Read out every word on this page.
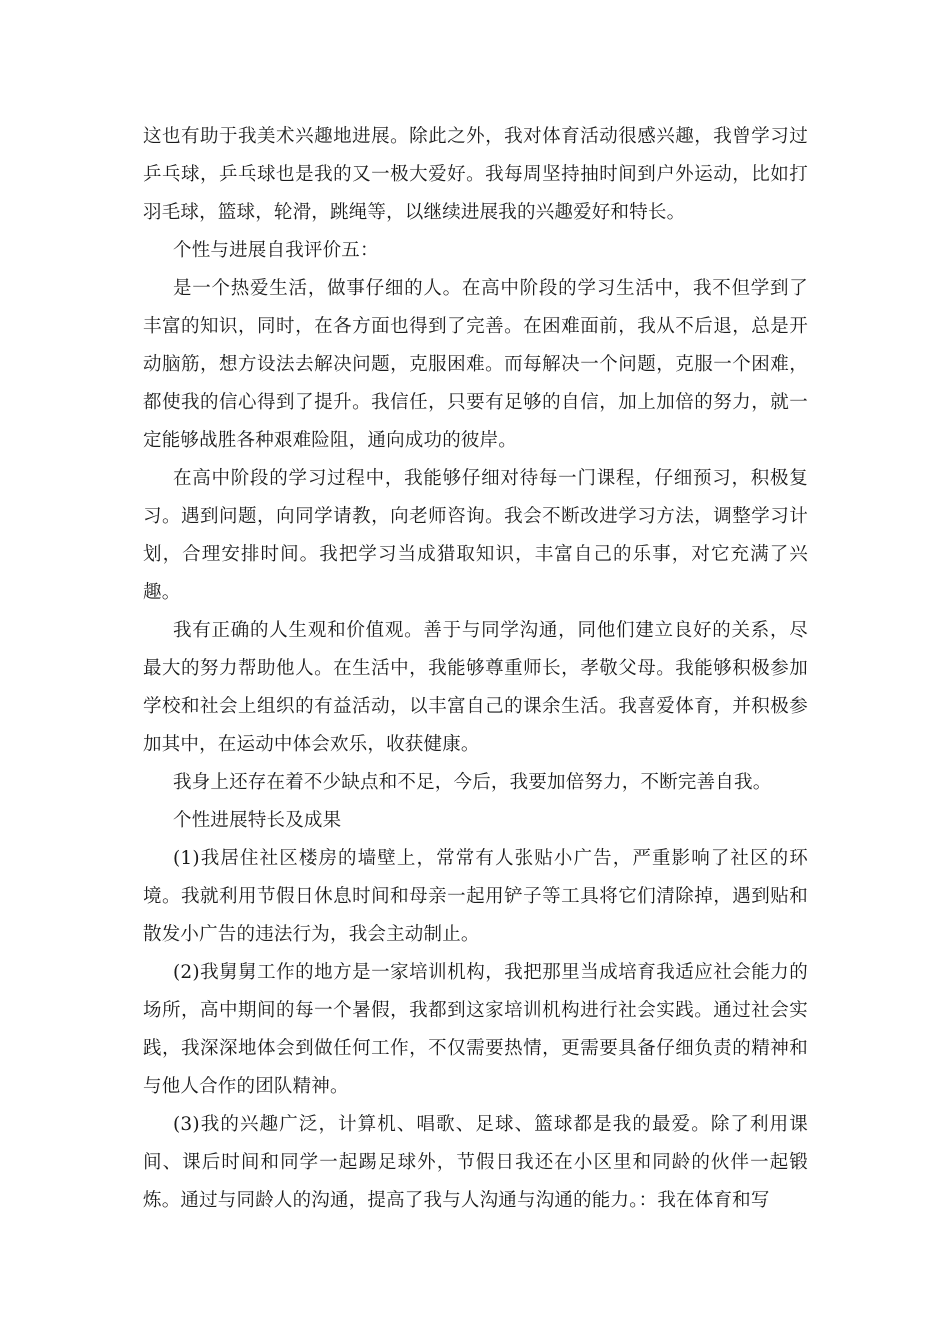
这也有助于我美术兴趣地进展。除此之外，我对体育活动很感兴趣，我曾学习过乒乓球，乒乓球也是我的又一极大爱好。我每周坚持抽时间到户外运动，比如打羽毛球，篮球，轮滑，跳绳等，以继续进展我的兴趣爱好和特长。

个性与进展自我评价五：

是一个热爱生活，做事仔细的人。在高中阶段的学习生活中，我不但学到了丰富的知识，同时，在各方面也得到了完善。在困难面前，我从不后退，总是开动脑筋，想方设法去解决问题，克服困难。而每解决一个问题，克服一个困难，都使我的信心得到了提升。我信任，只要有足够的自信，加上加倍的努力，就一定能够战胜各种艰难险阻，通向成功的彼岸。

在高中阶段的学习过程中，我能够仔细对待每一门课程，仔细预习，积极复习。遇到问题，向同学请教，向老师咨询。我会不断改进学习方法，调整学习计划，合理安排时间。我把学习当成猎取知识，丰富自己的乐事，对它充满了兴趣。

我有正确的人生观和价值观。善于与同学沟通，同他们建立良好的关系，尽最大的努力帮助他人。在生活中，我能够尊重师长，孝敬父母。我能够积极参加学校和社会上组织的有益活动，以丰富自己的课余生活。我喜爱体育，并积极参加其中，在运动中体会欢乐，收获健康。

我身上还存在着不少缺点和不足，今后，我要加倍努力，不断完善自我。

个性进展特长及成果

(1)我居住社区楼房的墙壁上，常常有人张贴小广告，严重影响了社区的环境。我就利用节假日休息时间和母亲一起用铲子等工具将它们清除掉，遇到贴和散发小广告的违法行为，我会主动制止。

(2)我舅舅工作的地方是一家培训机构，我把那里当成培育我适应社会能力的场所，高中期间的每一个暑假，我都到这家培训机构进行社会实践。通过社会实践，我深深地体会到做任何工作，不仅需要热情，更需要具备仔细负责的精神和与他人合作的团队精神。

(3)我的兴趣广泛，计算机、唱歌、足球、篮球都是我的最爱。除了利用课间、课后时间和同学一起踢足球外，节假日我还在小区里和同龄的伙伴一起锻炼。通过与同龄人的沟通，提高了我与人沟通与沟通的能力。：我在体育和写
